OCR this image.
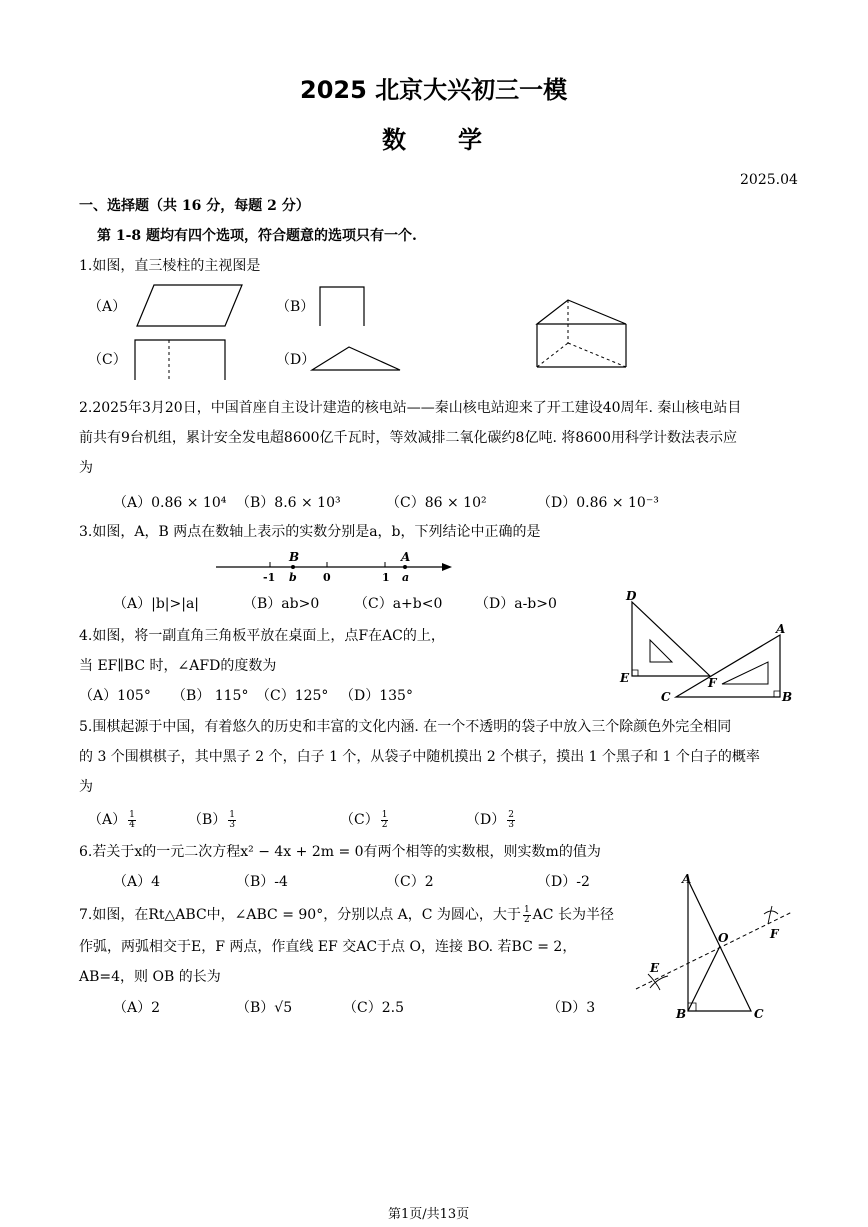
2025 北京大兴初三一模
数学
2025.04
一、选择题（共 16 分，每题 2 分）
第 1-8 题均有四个选项，符合题意的选项只有一个.
1.如图，直三棱柱的主视图是
（A）	（B）
（C）	（D）
2.2025年3月20日，中国首座自主设计建造的核电站——秦山核电站迎来了开工建设40周年. 秦山核电站目
前共有9台机组，累计安全发电超8600亿千瓦时，等效减排二氧化碳约8亿吨. 将8600用科学计数法表示应
为
（A）0.86 × 10⁴ （B）8.6 × 10³	（C）86 × 10²	（D）0.86 × 10⁻³
3.如图，A，B 两点在数轴上表示的实数分别是a，b，下列结论中正确的是
B	A
-1 b 0	1 a
（A）|b|>|a|	（B）ab>0 （C）a+b<0 （D）a-b>0
4.如图，将一副直角三角板平放在桌面上，点F在AC的上，
当 EF∥BC 时，∠AFD的度数为
（A）105° （B） 115° （C）125° （D）135°
D
A
E	F
C	B
5.围棋起源于中国，有着悠久的历史和丰富的文化内涵. 在一个不透明的袋子中放入三个除颜色外完全相同
的 3 个围棋棋子，其中黑子 2 个，白子 1 个，从袋子中随机摸出 2 个棋子，摸出 1 个黑子和 1 个白子的概率
为
$(A) \frac{1}{4}$	$(B) \frac{1}{3}$	$(C) \frac{1}{2}$	$(D) \frac{2}{3}$
6.若关于x的一元二次方程x² − 4x + 2m = 0有两个相等的实数根，则实数m的值为
（A）4	（B）-4	（C）2	（D）-2
7.如图，在Rt△ABC中，∠ABC = 90°，分别以点 A，C 为圆心，大于 $\frac{1}{2}$ AC 长为半径
作弧，两弧相交于E，F 两点，作直线 EF 交AC于点 O，连接 BO. 若BC = 2，
AB=4，则 OB 的长为
（A）2	（B）√5	（C）2.5	（D）3
A
F
O
E
B	C
第1页/共13页
